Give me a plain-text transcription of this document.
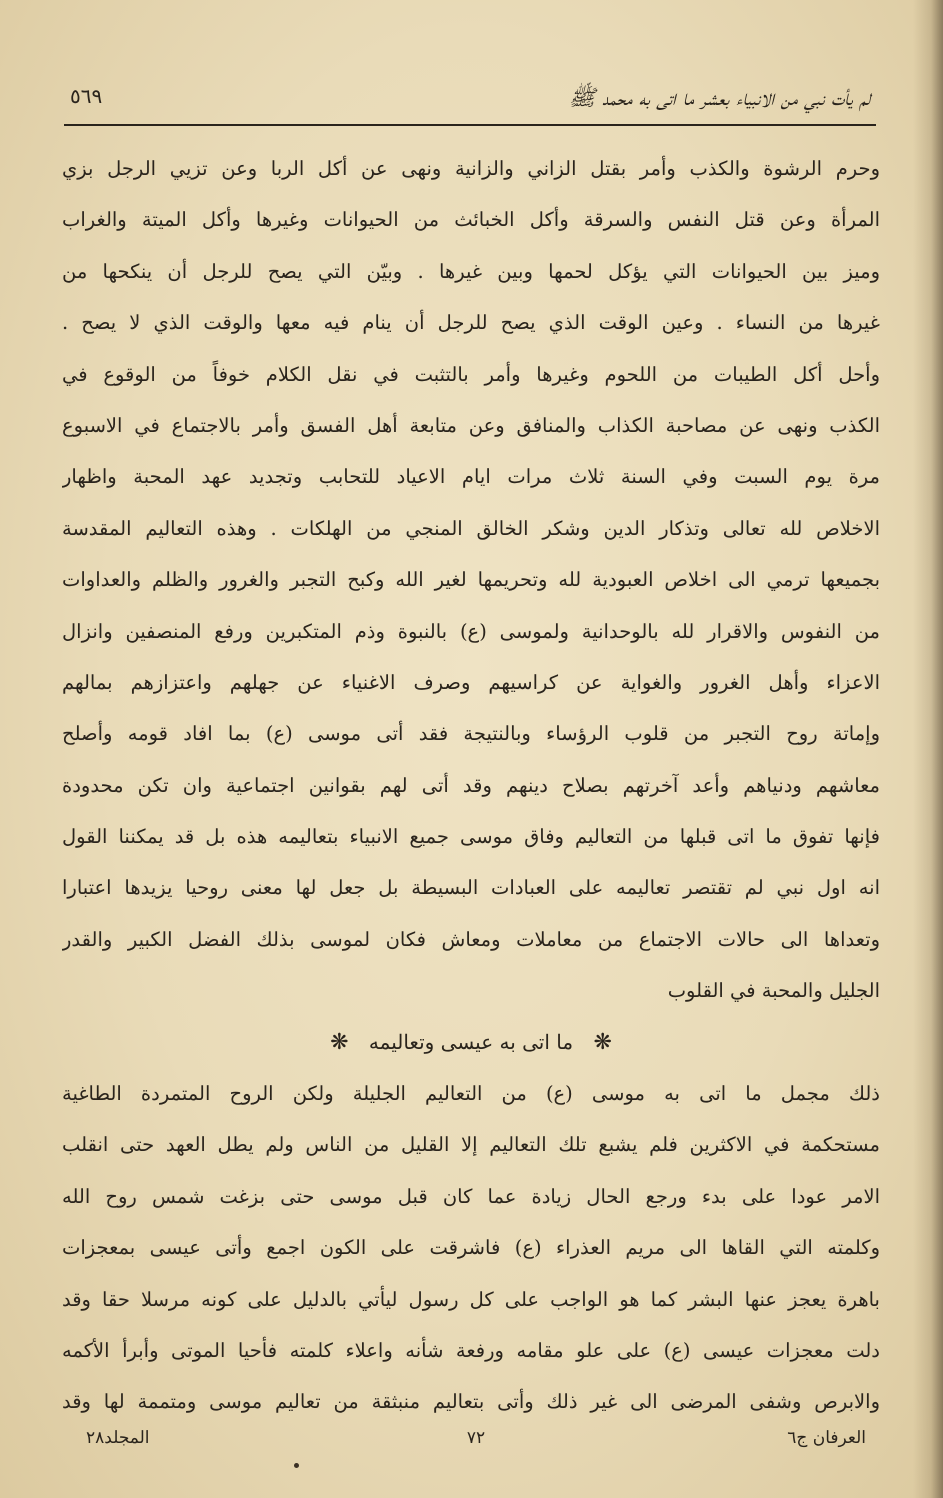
لم يأت نبي من الانبياء بعشر ما اتى به محمد ﷺ
٥٦٩
وحرم الرشوة والكذب وأمر بقتل الزاني والزانية ونهى عن أكل الربا وعن تزيي الرجل بزي
المرأة وعن قتل النفس والسرقة وأكل الخبائث من الحيوانات وغيرها وأكل الميتة والغراب
وميز بين الحيوانات التي يؤكل لحمها وبين غيرها . وبيّن التي يصح للرجل أن ينكحها من
غيرها من النساء . وعين الوقت الذي يصح للرجل أن ينام فيه معها والوقت الذي لا يصح .
وأحل أكل الطيبات من اللحوم وغيرها وأمر بالتثبت في نقل الكلام خوفاً من الوقوع في
الكذب ونهى عن مصاحبة الكذاب والمنافق وعن متابعة أهل الفسق وأمر بالاجتماع في الاسبوع
مرة يوم السبت وفي السنة ثلاث مرات ايام الاعياد للتحابب وتجديد عهد المحبة واظهار
الاخلاص لله تعالى وتذكار الدين وشكر الخالق المنجي من الهلكات . وهذه التعاليم المقدسة
بجميعها ترمي الى اخلاص العبودية لله وتحريمها لغير الله وكبح التجبر والغرور والظلم والعداوات
من النفوس والاقرار لله بالوحدانية ولموسى (ع) بالنبوة وذم المتكبرين ورفع المنصفين وانزال
الاعزاء وأهل الغرور والغواية عن كراسيهم وصرف الاغنياء عن جهلهم واعتزازهم بمالهم
وإماتة روح التجبر من قلوب الرؤساء وبالنتيجة فقد أتى موسى (ع) بما افاد قومه وأصلح
معاشهم ودنياهم وأعد آخرتهم بصلاح دينهم وقد أتى لهم بقوانين اجتماعية وان تكن محدودة
فإنها تفوق ما اتى قبلها من التعاليم وفاق موسى جميع الانبياء بتعاليمه هذه بل قد يمكننا القول
انه اول نبي لم تقتصر تعاليمه على العبادات البسيطة بل جعل لها معنى روحيا يزيدها اعتبارا
وتعداها الى حالات الاجتماع من معاملات ومعاش فكان لموسى بذلك الفضل الكبير والقدر
الجليل والمحبة في القلوب
❋ ما اتى به عيسى وتعاليمه ❋
ذلك مجمل ما اتى به موسى (ع) من التعاليم الجليلة ولكن الروح المتمردة الطاغية
مستحكمة في الاكثرين فلم يشبع تلك التعاليم إلا القليل من الناس ولم يطل العهد حتى انقلب
الامر عودا على بدء ورجع الحال زيادة عما كان قبل موسى حتى بزغت شمس روح الله
وكلمته التي القاها الى مريم العذراء (ع) فاشرقت على الكون اجمع وأتى عيسى بمعجزات
باهرة يعجز عنها البشر كما هو الواجب على كل رسول ليأتي بالدليل على كونه مرسلا حقا وقد
دلت معجزات عيسى (ع) على علو مقامه ورفعة شأنه واعلاء كلمته فأحيا الموتى وأبرأ الأكمه
والابرص وشفى المرضى الى غير ذلك وأتى بتعاليم منبثقة من تعاليم موسى ومتممة لها وقد
العرفان ج٦
٧٢
المجلد٢٨
